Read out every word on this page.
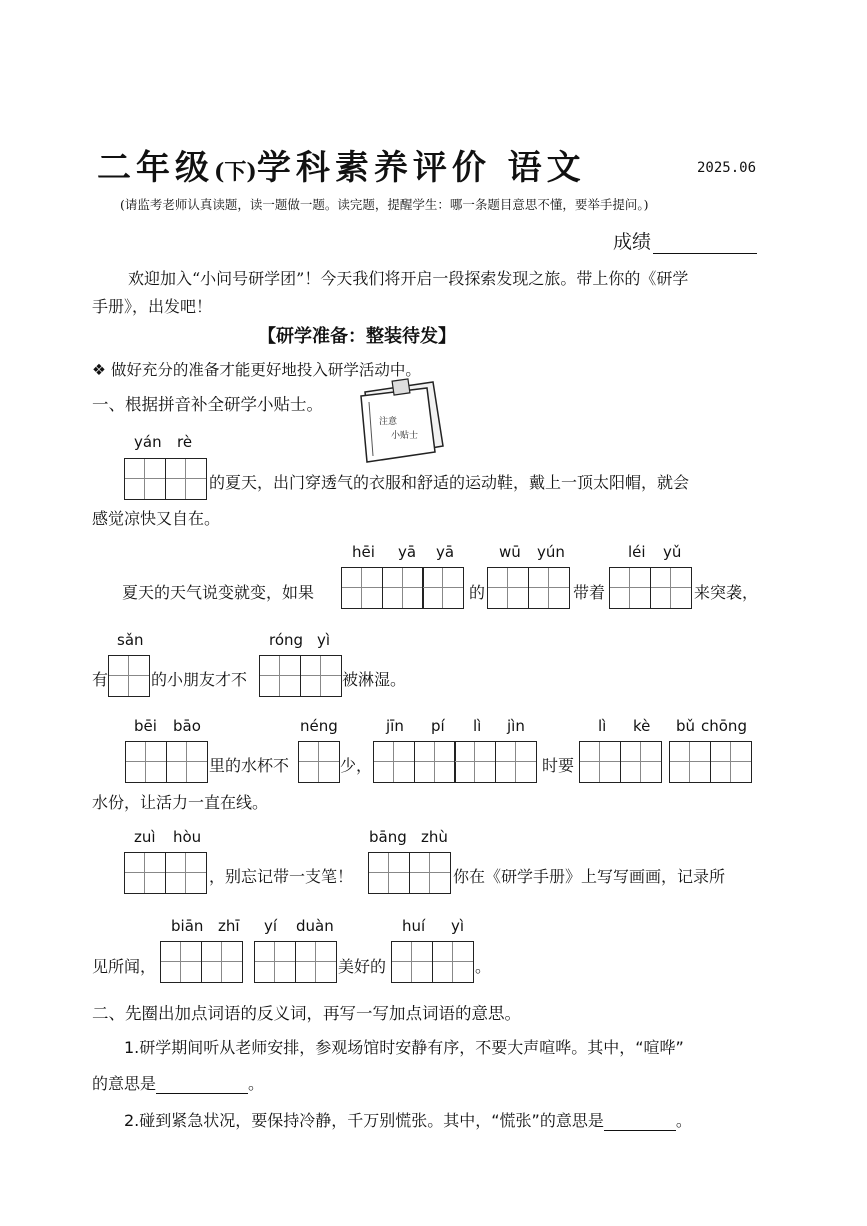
二年级(下)学科素养评价 语文	2025.06
(请监考老师认真读题，读一题做一题。读完题，提醒学生：哪一条题目意思不懂，要举手提问。)
成绩
欢迎加入“小问号研学团”！今天我们将开启一段探索发现之旅。带上你的《研学
手册》，出发吧！
【研学准备：整装待发】
❖ 做好充分的准备才能更好地投入研学活动中。
一、根据拼音补全研学小贴士。
注意小贴士
yán rè
的夏天，出门穿透气的衣服和舒适的运动鞋，戴上一顶太阳帽，就会
感觉凉快又自在。
hēi yā yā	wū yún	léi yǔ
夏天的天气说变就变，如果	的	带着	来突袭，
sǎn	róng yì
有	的小朋友才不	被淋湿。
bēi bāo	néng	jīn pí lì jìn	lì kè bǔ chōng
里的水杯不	少，	时要
水份，让活力一直在线。
zuì hòu	bāng zhù
，别忘记带一支笔！	你在《研学手册》上写写画画，记录所
biān zhī yí duàn	huí yì
见所闻，	美好的	。
二、先圈出加点词语的反义词，再写一写加点词语的意思。
1.研学期间听从老师安排，参观场馆时安静有序，不要大声喧哗。其中，“喧哗”
的意思是	。
2.碰到紧急状况，要保持冷静，千万别慌张。其中，“慌张”的意思是	。
